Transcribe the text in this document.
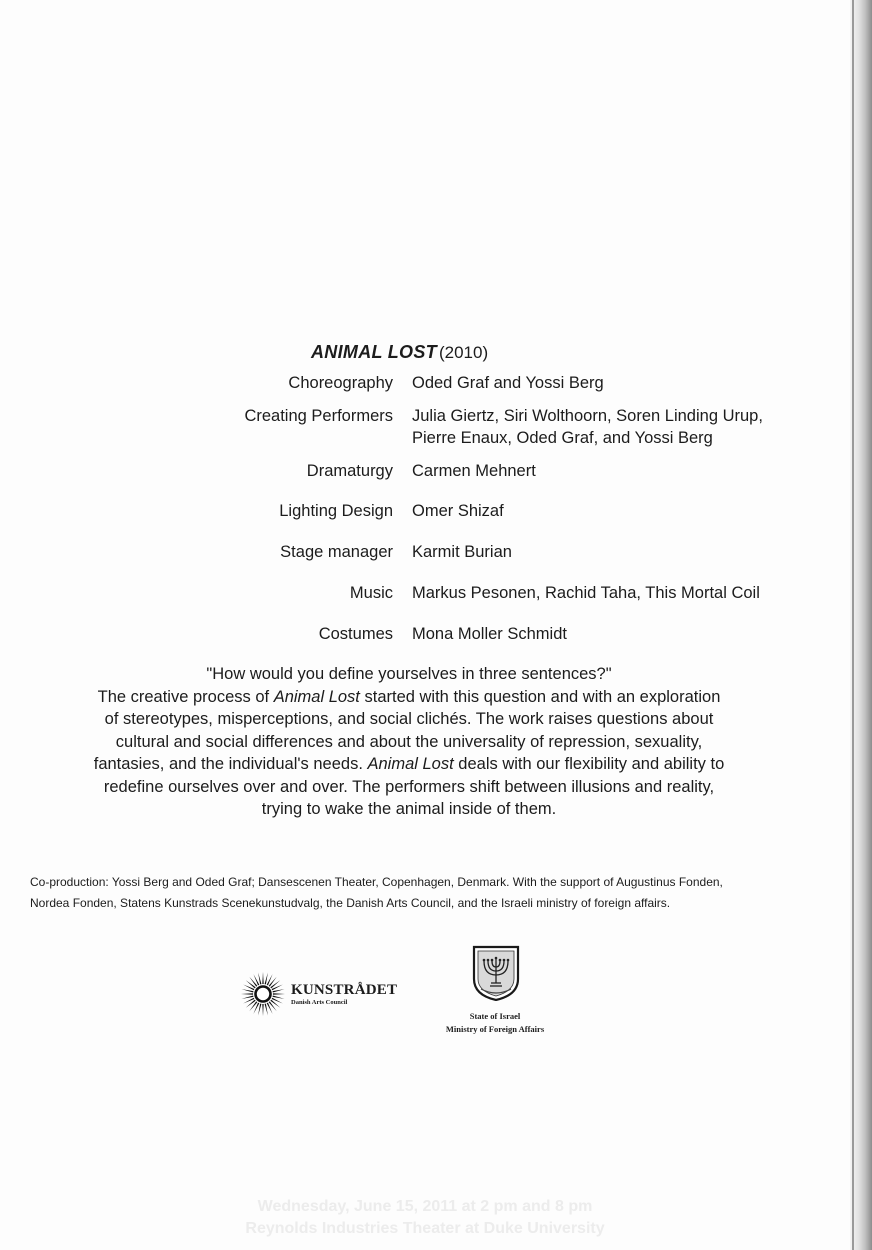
ANIMAL LOST (2010)
Choreography Oded Graf and Yossi Berg
Creating Performers Julia Giertz, Siri Wolthoorn, Soren Linding Urup, Pierre Enaux, Oded Graf, and Yossi Berg
Dramaturgy Carmen Mehnert
Lighting Design Omer Shizaf
Stage manager Karmit Burian
Music Markus Pesonen, Rachid Taha, This Mortal Coil
Costumes Mona Moller Schmidt

"How would you define yourselves in three sentences?"

The creative process of Animal Lost started with this question and with an exploration

of stereotypes, misperceptions, and social clichés. The work raises questions about

cultural and social differences and about the universality of repression, sexuality,

fantasies, and the individual's needs. Animal Lost deals with our flexibility and ability to

redefine ourselves over and over. The performers shift between illusions and reality,

trying to wake the animal inside of them.

Co-production: Yossi Berg and Oded Graf; Dansescenen Theater, Copenhagen, Denmark. With the support of Augustinus Fonden,

Nordea Fonden, Statens Kunstrads Scenekunstudvalg, the Danish Arts Council, and the Israeli ministry of foreign affairs.

KUNSTRÅDET
Danish Arts Council

State of Israel

Ministry of Foreign Affairs

Wednesday, June 15, 2011 at 2 pm and 8 pm

Reynolds Industries Theater at Duke University
